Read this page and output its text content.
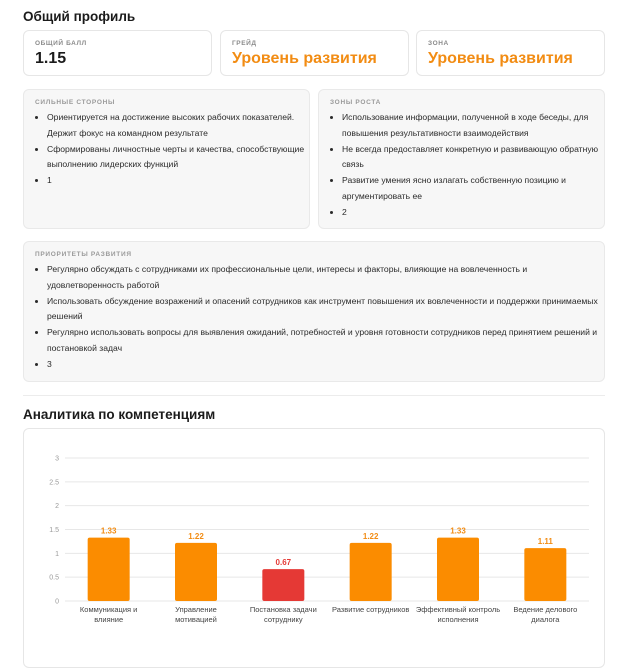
Общий профиль
ОБЩИЙ БАЛЛ
1.15
ГРЕЙД
Уровень развития
ЗОНА
Уровень развития
СИЛЬНЫЕ СТОРОНЫ
• Ориентируется на достижение высоких рабочих показателей. Держит фокус на командном результате
• Сформированы личностные черты и качества, способствующие выполнению лидерских функций
• 1
ЗОНЫ РОСТА
• Использование информации, полученной в ходе беседы, для повышения результативности взаимодействия
• Не всегда предоставляет конкретную и развивающую обратную связь
• Развитие умения ясно излагать собственную позицию и аргументировать ее
• 2
ПРИОРИТЕТЫ РАЗВИТИЯ
• Регулярно обсуждать с сотрудниками их профессиональные цели, интересы и факторы, влияющие на вовлеченность и удовлетворенность работой
• Использовать обсуждение возражений и опасений сотрудников как инструмент повышения их вовлеченности и поддержки принимаемых решений
• Регулярно использовать вопросы для выявления ожиданий, потребностей и уровня готовности сотрудников перед принятием решений и постановкой задач
• 3
Аналитика по компетенциям
0
0.5
1
1.5
2
2.5
3
1.33
Коммуникация и
влияние
1.22
Управление
мотивацией
0.67
Постановка задачи
сотруднику
1.22
Развитие сотрудников
1.33
Эффективный контроль
исполнения
1.11
Ведение делового
диалога
